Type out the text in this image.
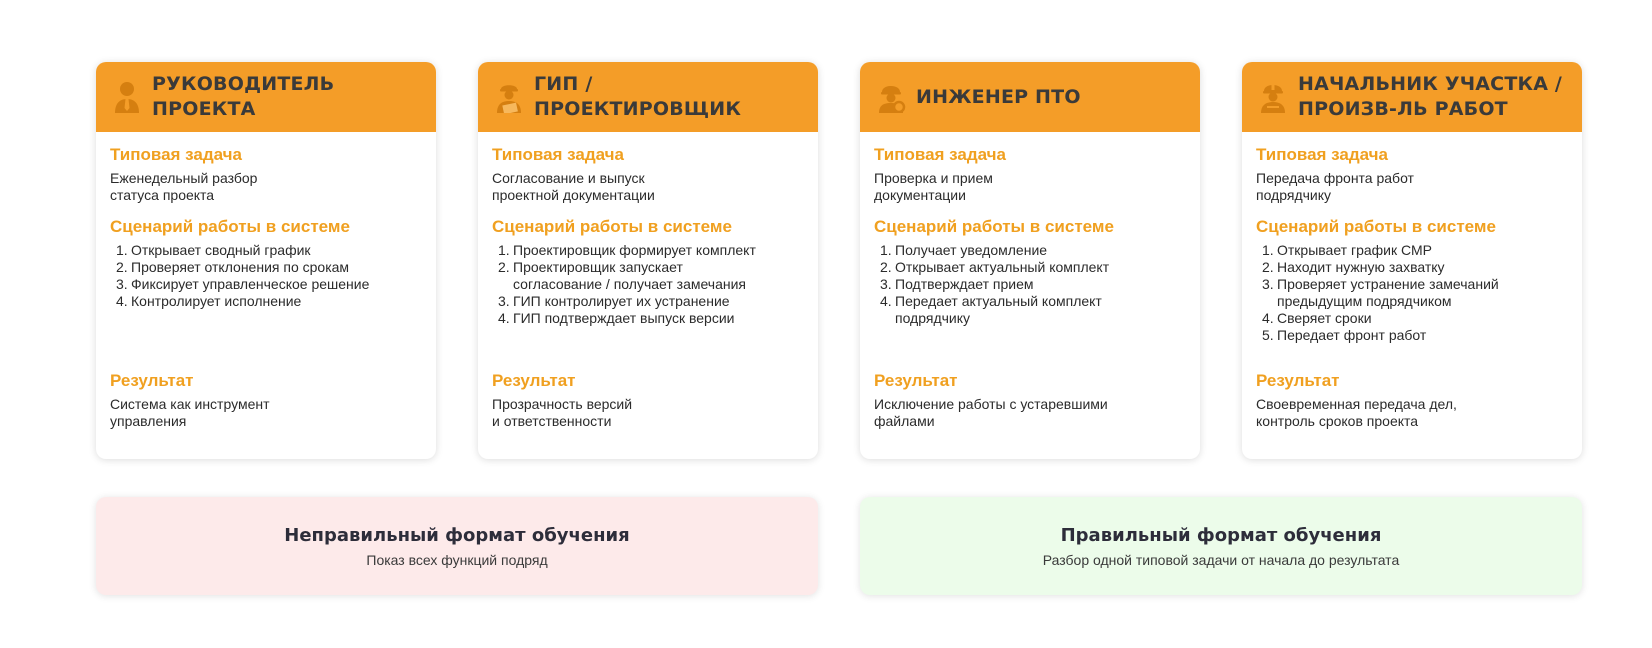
РУКОВОДИТЕЛЬ
ПРОЕКТА
Типовая задача
Еженедельный разбор
статуса проекта
Сценарий работы в системе
1. Открывает сводный график
2. Проверяет отклонения по срокам
3. Фиксирует управленческое решение
4. Контролирует исполнение
Результат
Система как инструмент
управления
ГИП /
ПРОЕКТИРОВЩИК
Типовая задача
Согласование и выпуск
проектной документации
Сценарий работы в системе
1. Проектировщик формирует комплект
2. Проектировщик запускает
согласование / получает замечания
3. ГИП контролирует их устранение
4. ГИП подтверждает выпуск версии
Результат
Прозрачность версий
и ответственности
ИНЖЕНЕР ПТО
Типовая задача
Проверка и прием
документации
Сценарий работы в системе
1. Получает уведомление
2. Открывает актуальный комплект
3. Подтверждает прием
4. Передает актуальный комплект
подрядчику
Результат
Исключение работы с устаревшими
файлами
НАЧАЛЬНИК УЧАСТКА /
ПРОИЗВ-ЛЬ РАБОТ
Типовая задача
Передача фронта работ
подрядчику
Сценарий работы в системе
1. Открывает график СМР
2. Находит нужную захватку
3. Проверяет устранение замечаний
предыдущим подрядчиком
4. Сверяет сроки
5. Передает фронт работ
Результат
Своевременная передача дел,
контроль сроков проекта
Неправильный формат обучения
Показ всех функций подряд
Правильный формат обучения
Разбор одной типовой задачи от начала до результата
